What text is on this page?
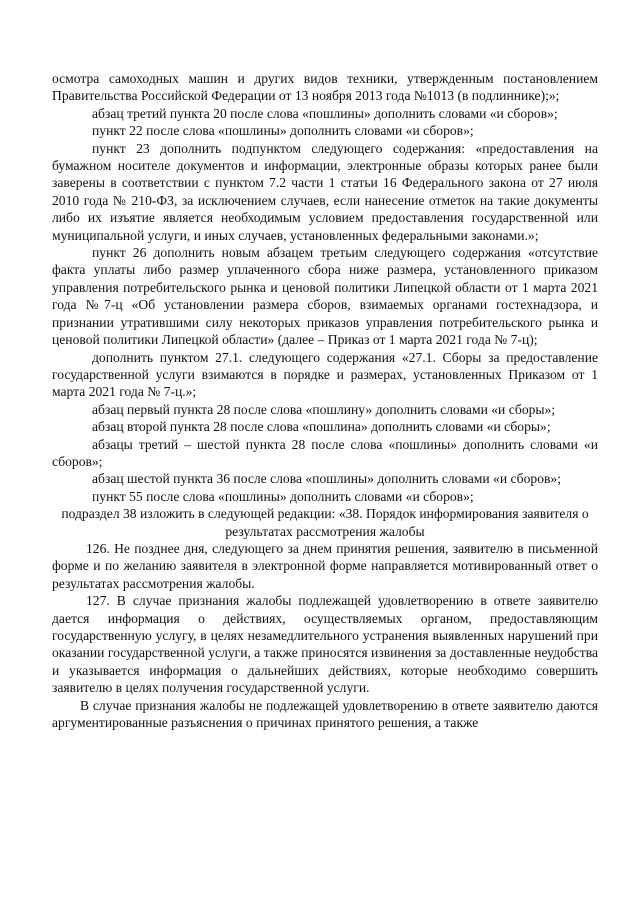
осмотра самоходных машин и других видов техники, утвержденным постановлением Правительства Российской Федерации от 13 ноября 2013 года №1013 (в подлиннике);»;

абзац третий пункта 20 после слова «пошлины» дополнить словами «и сборов»;

пункт 22 после слова «пошлины» дополнить словами «и сборов»;

пункт 23 дополнить подпунктом следующего содержания: «предоставления на бумажном носителе документов и информации, электронные образы которых ранее были заверены в соответствии с пунктом 7.2 части 1 статьи 16 Федерального закона от 27 июля 2010 года № 210-ФЗ, за исключением случаев, если нанесение отметок на такие документы либо их изъятие является необходимым условием предоставления государственной или муниципальной услуги, и иных случаев, установленных федеральными законами.»;

пункт 26 дополнить новым абзацем третьим следующего содержания «отсутствие факта уплаты либо размер уплаченного сбора ниже размера, установленного приказом управления потребительского рынка и ценовой политики Липецкой области от 1 марта 2021 года №7-ц «Об установлении размера сборов, взимаемых органами гостехнадзора, и признании утратившими силу некоторых приказов управления потребительского рынка и ценовой политики Липецкой области» (далее – Приказ от 1 марта 2021 года № 7-ц);

дополнить пунктом 27.1. следующего содержания «27.1. Сборы за предоставление государственной услуги взимаются в порядке и размерах, установленных Приказом от 1 марта 2021 года № 7-ц.»;

абзац первый пункта 28 после слова «пошлину» дополнить словами «и сборы»;

абзац второй пункта 28 после слова «пошлина» дополнить словами «и сборы»;

абзацы третий – шестой пункта 28 после слова «пошлины» дополнить словами «и сборов»;

абзац шестой пункта 36 после слова «пошлины» дополнить словами «и сборов»;

пункт 55 после слова «пошлины» дополнить словами «и сборов»;

подраздел 38 изложить в следующей редакции: «38. Порядок информирования заявителя о результатах рассмотрения жалобы

126. Не позднее дня, следующего за днем принятия решения, заявителю в письменной форме и по желанию заявителя в электронной форме направляется мотивированный ответ о результатах рассмотрения жалобы.

127. В случае признания жалобы подлежащей удовлетворению в ответе заявителю дается информация о действиях, осуществляемых органом, предоставляющим государственную услугу, в целях незамедлительного устранения выявленных нарушений при оказании государственной услуги, а также приносятся извинения за доставленные неудобства и указывается информация о дальнейших действиях, которые необходимо совершить заявителю в целях получения государственной услуги.

В случае признания жалобы не подлежащей удовлетворению в ответе заявителю даются аргументированные разъяснения о причинах принятого решения, а также
